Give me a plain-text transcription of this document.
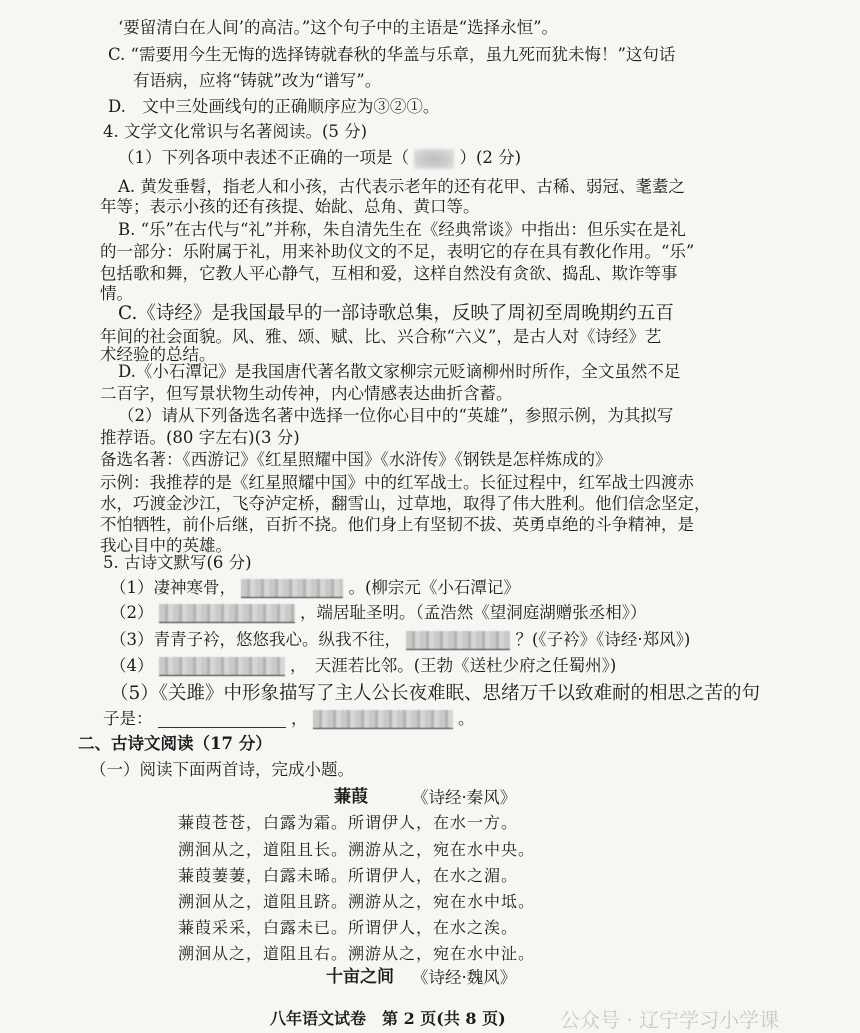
‘要留清白在人间’的高洁。”这个句子中的主语是“选择永恒”。
C. “需要用今生无悔的选择铸就春秋的华盖与乐章，虽九死而犹未悔！”这句话
有语病，应将“铸就”改为“谱写”。
D.　文中三处画线句的正确顺序应为③②①。
4. 文学文化常识与名著阅读。(5 分)
（1）下列各项中表述不正确的一项是（	）(2 分)
A. 黄发垂髫，指老人和小孩，古代表示老年的还有花甲、古稀、弱冠、耄耋之
年等；表示小孩的还有孩提、始龀、总角、黄口等。
B. “乐”在古代与“礼”并称，朱自清先生在《经典常谈》中指出：但乐实在是礼
的一部分：乐附属于礼，用来补助仪文的不足，表明它的存在具有教化作用。“乐”
包括歌和舞，它教人平心静气，互相和爱，这样自然没有贪欲、捣乱、欺诈等事
情。
C.《诗经》是我国最早的一部诗歌总集，反映了周初至周晚期约五百
年间的社会面貌。风、雅、颂、赋、比、兴合称“六义”，是古人对《诗经》艺
术经验的总结。
D.《小石潭记》是我国唐代著名散文家柳宗元贬谪柳州时所作，全文虽然不足
二百字，但写景状物生动传神，内心情感表达曲折含蓄。
（2）请从下列备选名著中选择一位你心目中的“英雄”，参照示例，为其拟写
推荐语。(80 字左右)(3 分)
备选名著：《西游记》《红星照耀中国》《水浒传》《钢铁是怎样炼成的》
示例：我推荐的是《红星照耀中国》中的红军战士。长征过程中，红军战士四渡赤
水，巧渡金沙江，飞夺泸定桥，翻雪山，过草地，取得了伟大胜利。他们信念坚定，
不怕牺牲，前仆后继，百折不挠。他们身上有坚韧不拔、英勇卓绝的斗争精神，是
我心目中的英雄。
5. 古诗文默写(6 分)
（1）凄神寒骨，	。(柳宗元《小石潭记》
（2）	，端居耻圣明。（孟浩然《望洞庭湖赠张丞相》）
（3）青青子衿，悠悠我心。纵我不往，	？(《子衿》《诗经·郑风》)
（4）	，　天涯若比邻。(王勃《送杜少府之任蜀州》)
（5）《关雎》中形象描写了主人公长夜难眠、思绪万千以致难耐的相思之苦的句
子是：	，	。
二、古诗文阅读（17 分）
（一）阅读下面两首诗，完成小题。
蒹葭	《诗经·秦风》
蒹葭苍苍，白露为霜。所谓伊人，在水一方。
溯洄从之，道阻且长。溯游从之，宛在水中央。
蒹葭萋萋，白露未晞。所谓伊人，在水之湄。
溯洄从之，道阻且跻。溯游从之，宛在水中坻。
蒹葭采采，白露未已。所谓伊人，在水之涘。
溯洄从之，道阻且右。溯游从之，宛在水中沚。
十亩之间 《诗经·魏风》
八年语文试卷　第 2 页(共 8 页)	公众号 · 辽宁学习小学课
